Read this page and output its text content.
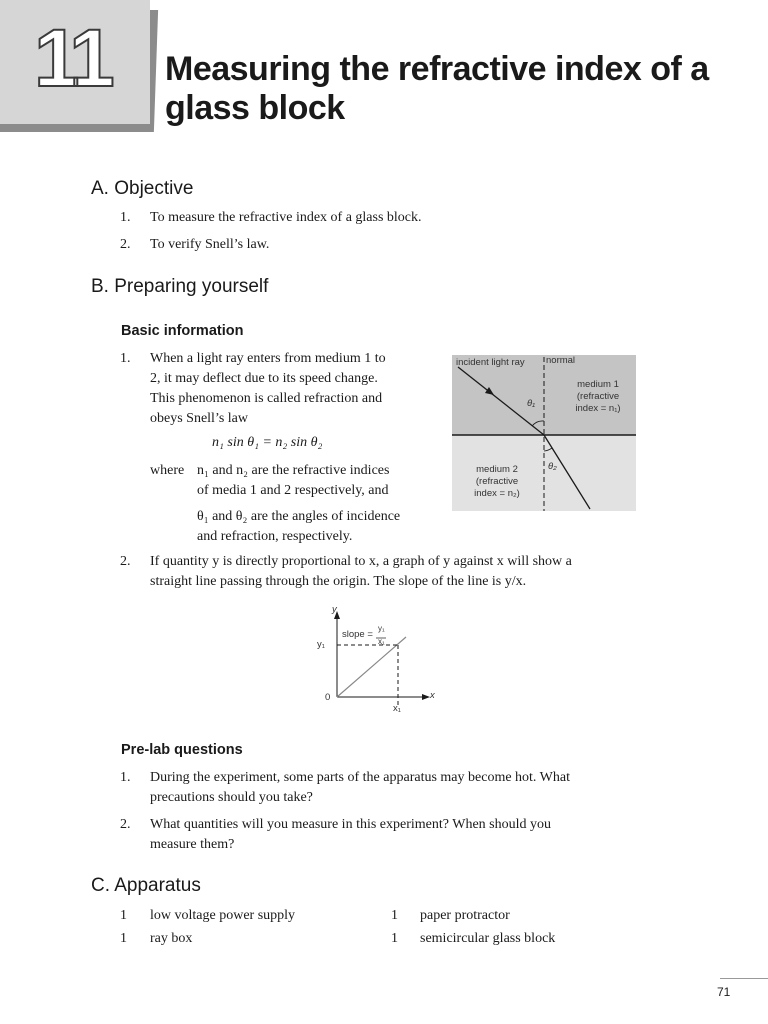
11 Measuring the refractive index of a glass block
A. Objective
1. To measure the refractive index of a glass block.
2. To verify Snell’s law.
B. Preparing yourself
Basic information
1. When a light ray enters from medium 1 to
2, it may deflect due to its speed change.
This phenomenon is called refraction and
obeys Snell’s law
n₁ sin θ₁ = n₂ sin θ₂
where n₁ and n₂ are the refractive indices
of media 1 and 2 respectively, and
θ₁ and θ₂ are the angles of incidence
and refraction, respectively.
incident light ray normal
θ₁
θ₂
medium 1
(refractive
index = n₁)
medium 2
(refractive
index = n₂)
2. If quantity y is directly proportional to x, a graph of y against x will show a
straight line passing through the origin. The slope of the line is y/x.
y
x
0
y₁
x₁
slope =
y₁
x₁
Pre-lab questions
1. During the experiment, some parts of the apparatus may become hot. What
precautions should you take?
2. What quantities will you measure in this experiment? When should you
measure them?
C. Apparatus
1 low voltage power supply	1 paper protractor
1 ray box	1 semicircular glass block
71
